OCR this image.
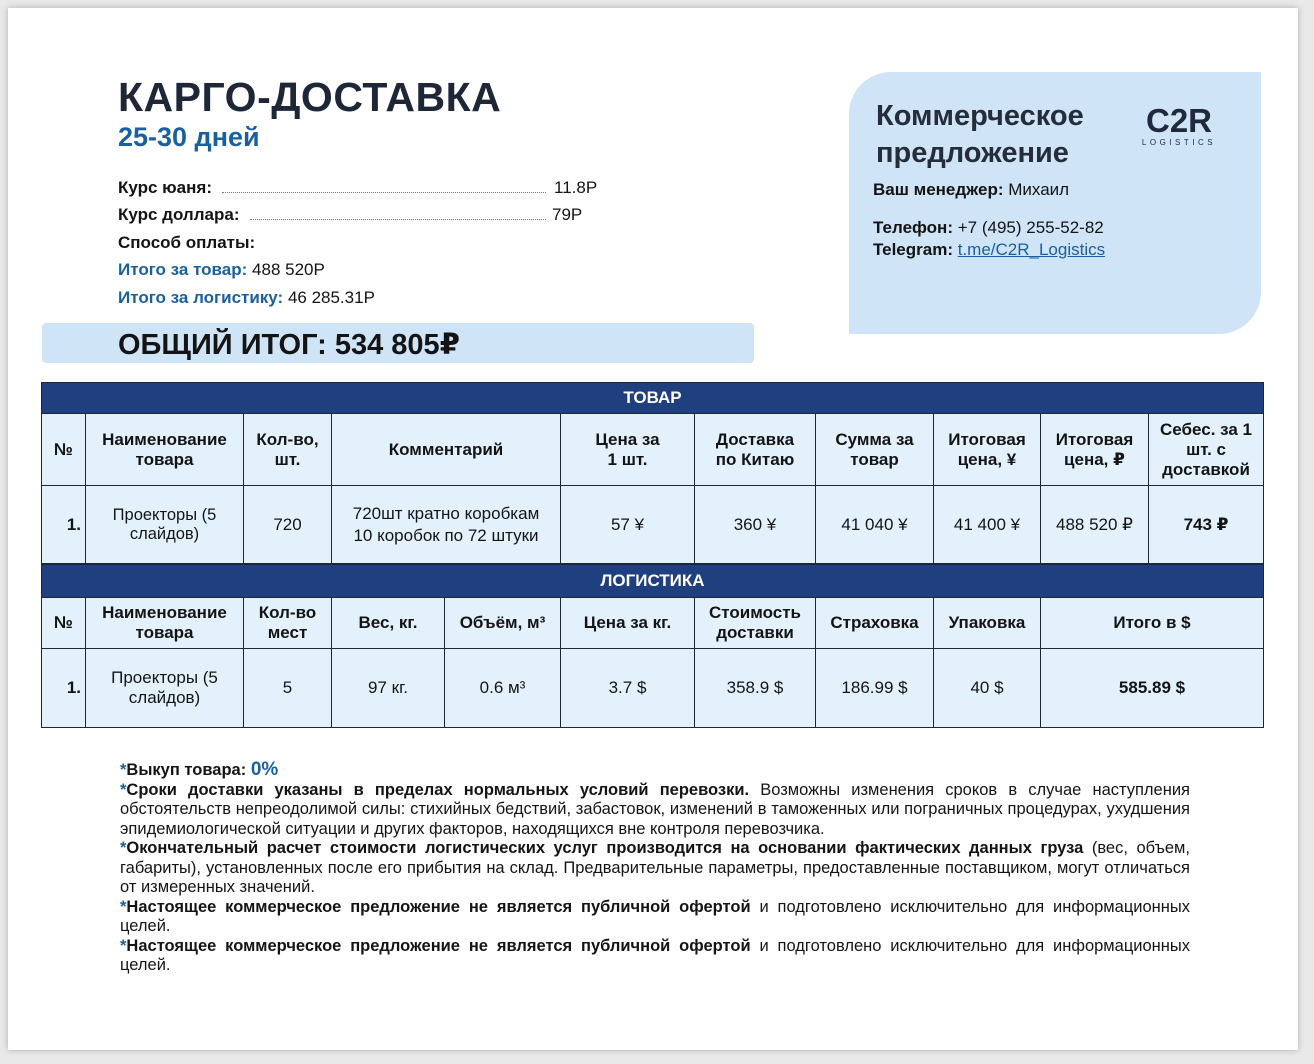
КАРГО-ДОСТАВКА
25-30 дней
Курс юаня:	11.8Р
Курс доллара:	79Р
Способ оплаты:
Итого за товар: 488 520Р
Итого за логистику: 46 285.31Р
ОБЩИЙ ИТОГ: 534 805₽
Коммерческое
предложение
C2R
LOGISTICS
Ваш менеджер: Михаил
Телефон: +7 (495) 255-52-82
Telegram: t.me/C2R_Logistics
ТОВАР									
№	Наименование товара	Кол-во, шт.	Комментарий	Цена за 1 шт.	Доставка по Китаю	Сумма за товар	Итоговая цена, ¥	Итоговая цена, ₽	Себес. за 1 шт. с доставкой
1.	Проекторы (5 слайдов)	720	720шт кратно коробкам 10 коробок по 72 штуки	57 ¥	360 ¥	41 040 ¥	41 400 ¥	488 520 ₽	743 ₽
ЛОГИСТИКА									
№	Наименование товара	Кол-во мест	Вес, кг.	Объём, м³	Цена за кг.	Стоимость доставки	Страховка	Упаковка	Итого в $
1.	Проекторы (5 слайдов)	5	97 кг.	0.6 м³	3.7 $	358.9 $	186.99 $	40 $	585.89 $

*Выкуп товара: 0%

*Сроки доставки указаны в пределах нормальных условий перевозки. Возможны изменения сроков в случае наступления обстоятельств непреодолимой силы: стихийных бедствий, забастовок, изменений в таможенных или пограничных процедурах, ухудшения эпидемиологической ситуации и других факторов, находящихся вне контроля перевозчика.

*Окончательный расчет стоимости логистических услуг производится на основании фактических данных груза (вес, объем, габариты), установленных после его прибытия на склад. Предварительные параметры, предоставленные поставщиком, могут отличаться от измеренных значений.

*Настоящее коммерческое предложение не является публичной офертой и подготовлено исключительно для информационных целей.

*Настоящее коммерческое предложение не является публичной офертой и подготовлено исключительно для информационных целей.
